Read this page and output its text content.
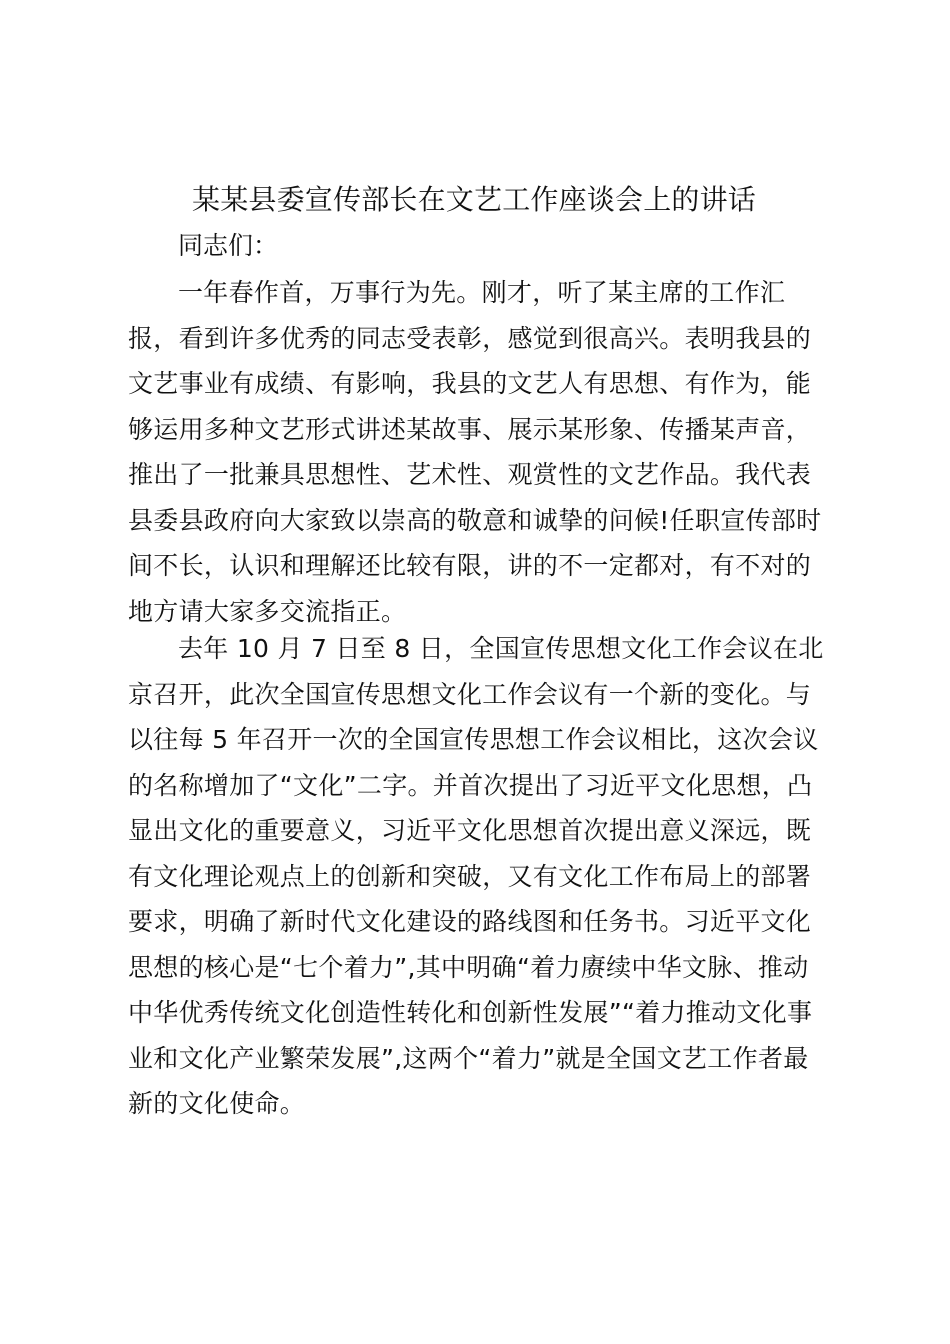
某某县委宣传部长在文艺工作座谈会上的讲话

同志们：

一年春作首，万事行为先。刚才，听了某主席的工作汇
报，看到许多优秀的同志受表彰，感觉到很高兴。表明我县的
文艺事业有成绩、有影响，我县的文艺人有思想、有作为，能
够运用多种文艺形式讲述某故事、展示某形象、传播某声音，
推出了一批兼具思想性、艺术性、观赏性的文艺作品。我代表
县委县政府向大家致以崇高的敬意和诚挚的问候!任职宣传部时
间不长，认识和理解还比较有限，讲的不一定都对，有不对的
地方请大家多交流指正。
去年 10 月 7 日至 8 日，全国宣传思想文化工作会议在北
京召开，此次全国宣传思想文化工作会议有一个新的变化。与
以往每 5 年召开一次的全国宣传思想工作会议相比，这次会议
的名称增加了“文化”二字。并首次提出了习近平文化思想，凸
显出文化的重要意义，习近平文化思想首次提出意义深远，既
有文化理论观点上的创新和突破，又有文化工作布局上的部署
要求，明确了新时代文化建设的路线图和任务书。习近平文化
思想的核心是“七个着力”,其中明确“着力赓续中华文脉、推动
中华优秀传统文化创造性转化和创新性发展”“着力推动文化事
业和文化产业繁荣发展”,这两个“着力”就是全国文艺工作者最
新的文化使命。
